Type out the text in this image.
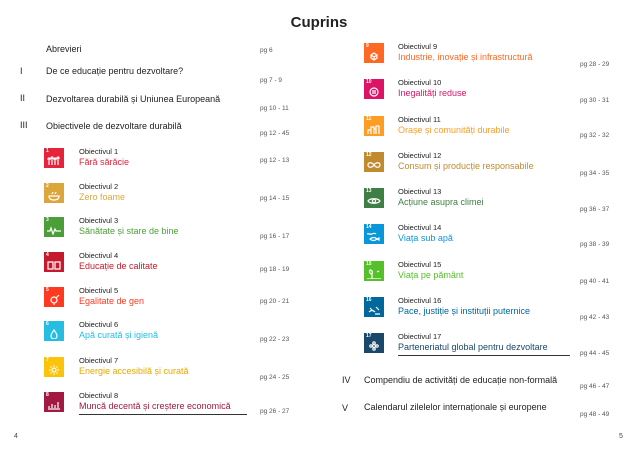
Cuprins
Abrevieri	pg 6
I	De ce educație pentru dezvoltare?
pg 7 - 9
II Dezvoltarea durabilă și Uniunea Europeană
pg 10 - 11
III Obiectivele de dezvoltare durabilă
pg 12 - 45
IV Compendiu de activități de educație non-formală
pg 46 - 47
V Calendarul zilelelor internaționale și europene
pg 48 - 49
1	Obiectivul 1
Fără sărăcie	pg 12 - 13
2	Obiectivul 2
Zero foame	pg 14 - 15
3	Obiectivul 3
Sănătate și stare de bine
pg 16 - 17
4	Obiectivul 4
Educație de calitate	pg 18 - 19
5	Obiectivul 5
Egalitate de gen	pg 20 - 21
6	Obiectivul 6
Apă curată și igienă	pg 22 - 23
7	Obiectivul 7
Energie accesibilă și curată
pg 24 - 25
8	Obiectivul 8
Muncă decentă și creștere economică
pg 26 - 27
9	Obiectivul 9
Industrie, inovație și infrastructură
pg 28 - 29
10	Obiectivul 10
Inegalități reduse
pg 30 - 31
11	Obiectivul 11
Orașe și comunități durabile
pg 32 - 32
12	Obiectivul 12
Consum și producție responsabile
pg 34 - 35
13	Obiectivul 13
Acțiune asupra climei
pg 36 - 37
14	Obiectivul 14
Viața sub apă
pg 38 - 39
15	Obiectivul 15
Viața pe pământ
pg 40 - 41
16	Obiectivul 16
Pace, justiție și instituții puternice
pg 42 - 43
17	Obiectivul 17
Parteneriatul global pentru dezvoltare
pg 44 - 45
4	5
